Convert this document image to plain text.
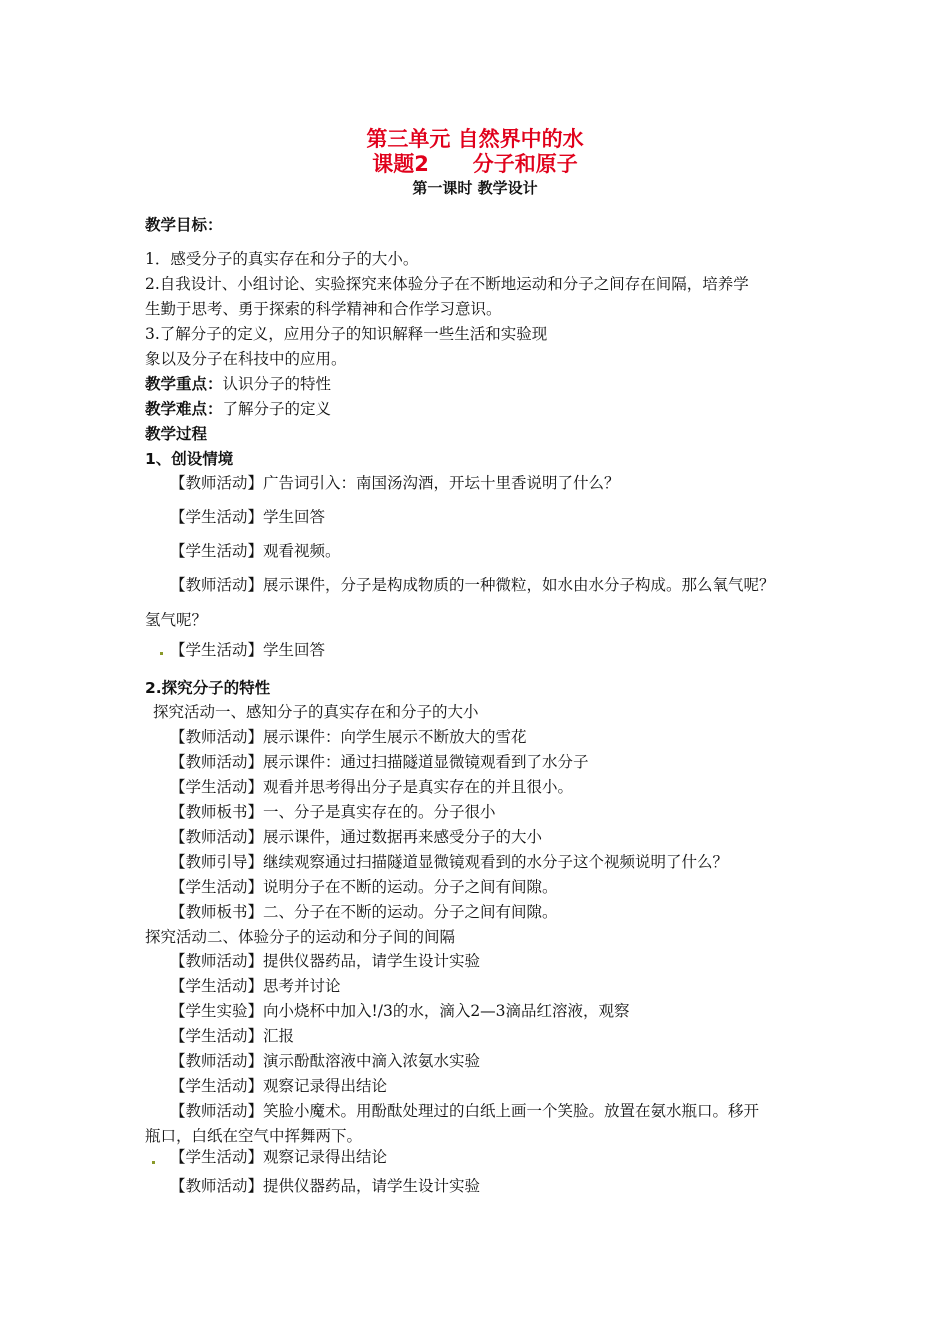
第三单元 自然界中的水
课题2      分子和原子
第一课时 教学设计
教学目标：
1．感受分子的真实存在和分子的大小。
2.自我设计、小组讨论、实验探究来体验分子在不断地运动和分子之间存在间隔，培养学
生勤于思考、勇于探索的科学精神和合作学习意识。
3.了解分子的定义，应用分子的知识解释一些生活和实验现
象以及分子在科技中的应用。
教学重点：认识分子的特性
教学难点：了解分子的定义
教学过程
1、创设情境
【教师活动】广告词引入：南国汤沟酒，开坛十里香说明了什么？
【学生活动】学生回答
【学生活动】观看视频。
【教师活动】展示课件，分子是构成物质的一种微粒，如水由水分子构成。那么氧气呢？
氢气呢？
【学生活动】学生回答
2.探究分子的特性
探究活动一、感知分子的真实存在和分子的大小
【教师活动】展示课件：向学生展示不断放大的雪花
【教师活动】展示课件：通过扫描隧道显微镜观看到了水分子
【学生活动】观看并思考得出分子是真实存在的并且很小。
【教师板书】一、分子是真实存在的。分子很小
【教师活动】展示课件，通过数据再来感受分子的大小
【教师引导】继续观察通过扫描隧道显微镜观看到的水分子这个视频说明了什么？
【学生活动】说明分子在不断的运动。分子之间有间隙。
【教师板书】二、分子在不断的运动。分子之间有间隙。
探究活动二、体验分子的运动和分子间的间隔
【教师活动】提供仪器药品，请学生设计实验
【学生活动】思考并讨论
【学生实验】向小烧杯中加入!/3的水，滴入2—3滴品红溶液，观察
【学生活动】汇报
【教师活动】演示酚酞溶液中滴入浓氨水实验
【学生活动】观察记录得出结论
【教师活动】笑脸小魔术。用酚酞处理过的白纸上画一个笑脸。放置在氨水瓶口。移开
瓶口，白纸在空气中挥舞两下。
【学生活动】观察记录得出结论
【教师活动】提供仪器药品，请学生设计实验
